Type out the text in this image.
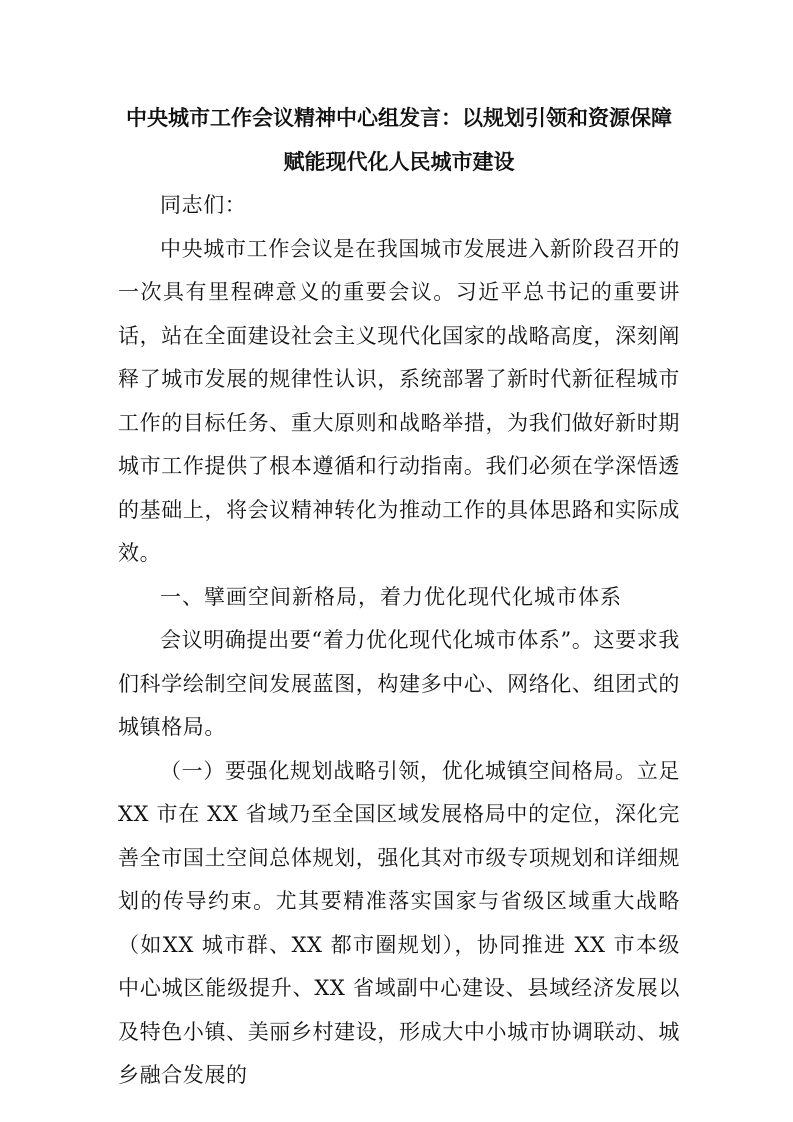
中央城市工作会议精神中心组发言：以规划引领和资源保障
赋能现代化人民城市建设

同志们：

中央城市工作会议是在我国城市发展进入新阶段召开的一次具有里程碑意义的重要会议。习近平总书记的重要讲话，站在全面建设社会主义现代化国家的战略高度，深刻阐释了城市发展的规律性认识，系统部署了新时代新征程城市工作的目标任务、重大原则和战略举措，为我们做好新时期城市工作提供了根本遵循和行动指南。我们必须在学深悟透的基础上，将会议精神转化为推动工作的具体思路和实际成效。

一、擘画空间新格局，着力优化现代化城市体系

会议明确提出要“着力优化现代化城市体系”。这要求我们科学绘制空间发展蓝图，构建多中心、网络化、组团式的城镇格局。

（一）要强化规划战略引领，优化城镇空间格局。立足XX 市在 XX 省域乃至全国区域发展格局中的定位，深化完善全市国土空间总体规划，强化其对市级专项规划和详细规划的传导约束。尤其要精准落实国家与省级区域重大战略（如XX 城市群、XX 都市圈规划），协同推进 XX 市本级中心城区能级提升、XX 省域副中心建设、县域经济发展以及特色小镇、美丽乡村建设，形成大中小城市协调联动、城乡融合发展的
